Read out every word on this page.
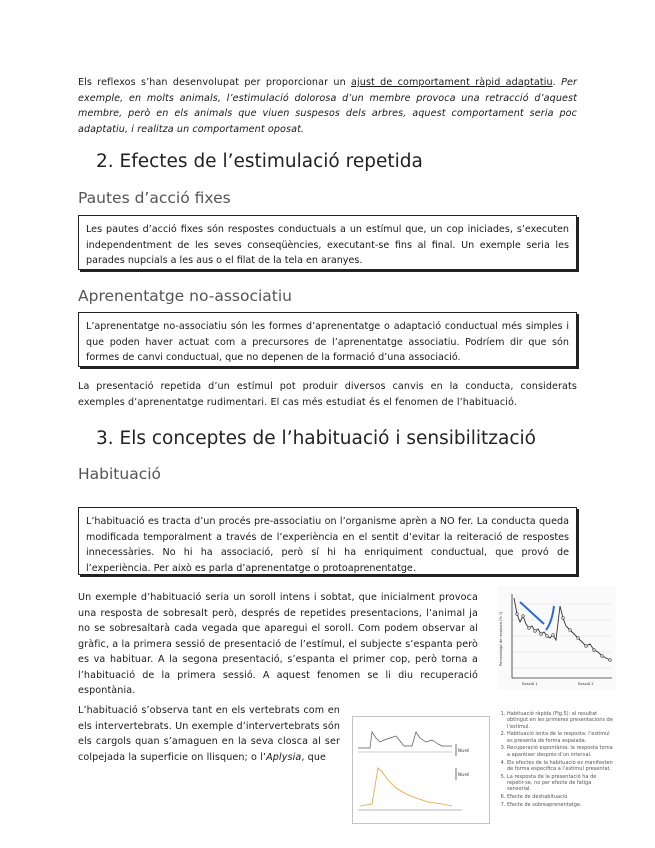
Els reflexos s’han desenvolupat per proporcionar un ajust de comportament ràpid adaptatiu. Per exemple, en molts animals, l’estimulació dolorosa d’un membre provoca una retracció d’aquest membre, però en els animals que viuen suspesos dels arbres, aquest comportament seria poc adaptatiu, i realitza un comportament oposat.
2. Efectes de l’estimulació repetida
Pautes d’acció fixes
Les pautes d’acció fixes són respostes conductuals a un estímul que, un cop iniciades, s’executen independentment de les seves conseqüències, executant-se fins al final. Un exemple seria les parades nupcials a les aus o el filat de la tela en aranyes.
Aprenentatge no-associatiu
L’aprenentatge no-associatiu són les formes d’aprenentatge o adaptació conductual més simples i que poden haver actuat com a precursores de l’aprenentatge associatiu. Podríem dir que són formes de canvi conductual, que no depenen de la formació d’una associació.
La presentació repetida d’un estímul pot produir diversos canvis en la conducta, considerats exemples d’aprenentatge rudimentari. El cas més estudiat és el fenomen de l’habituació.
3. Els conceptes de l’habituació i sensibilització
Habituació
L’habituació es tracta d’un procés pre-associatiu on l’organisme aprèn a NO fer. La conducta queda modificada temporalment a través de l’experiència en el sentit d’evitar la reiteració de respostes innecessàries. No hi ha associació, però sí hi ha enriquiment conductual, que provó de l’experiència. Per això es parla d’aprenentatge o protoaprenentatge.
Un exemple d’habituació seria un soroll intens i sobtat, que inicialment provoca una resposta de sobresalt però, després de repetides presentacions, l’animal ja no se sobresaltarà cada vegada que aparegui el soroll. Com podem observar al gràfic, a la primera sessió de presentació de l’estímul, el subjecte s’espanta però es va habituar. A la segona presentació, s’espanta el primer cop, però torna a l’habituació de la primera sessió. A aquest fenomen se li diu recuperació espontània.
L’habituació s’observa tant en els vertebrats com en els intervertebrats. Un exemple d’intervertebrats són els cargols quan s’amaguen en la seva closca al ser colpejada la superficie on llisquen; o l’Aplysia, que
Percentatge de resposta (% ?)
Sessió 1	Sessió 2
Nivell
Nivell
1. Habituació ràpida (Fig.5): el resultat obtingut en les primeres presentacions de l’estímul.
2. Habituació lenta de la resposta: l’estímul es presenta de forma espaiada.
3. Recuperació espontània: la resposta torna a aparèixer després d’un interval.
4. Els efectes de la habituació es manifesten de forma específica a l’estímul presentat.
5. La resposta de la presentació ha de repetir-se, no per efecte de fatiga sensorial.
6. Efecte de deshabituació.
7. Efecte de sobreaprenentatge.
